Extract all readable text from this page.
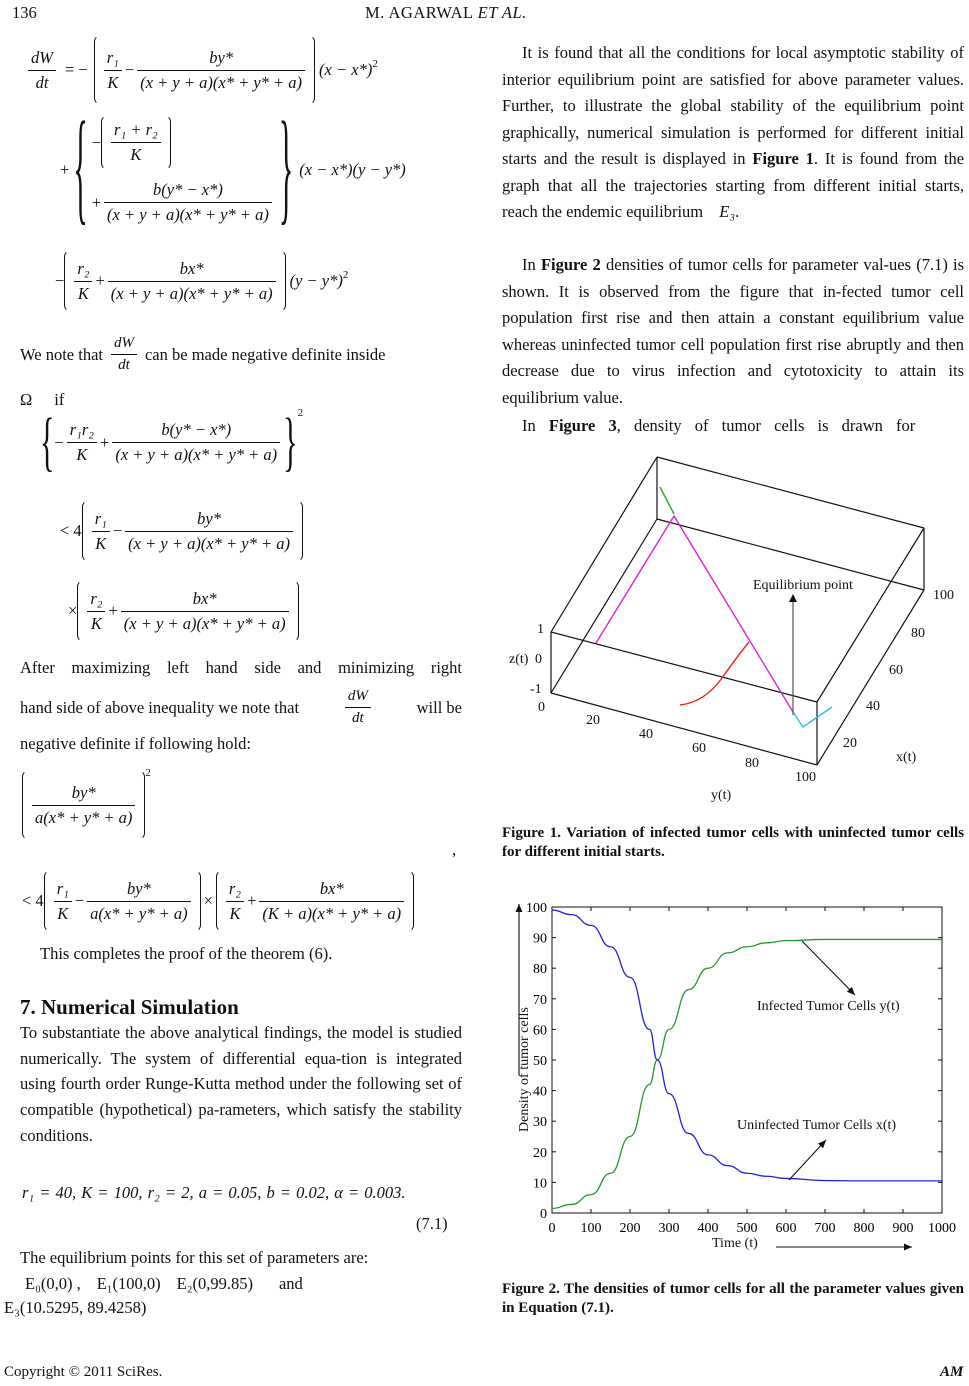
136	M. AGARWAL ET AL.
$\frac{dW}{dt}$ = − $\frac{\text{r₁}}{K} - \frac{by*}{(x + y + a)(x* + y* + a)} (x - x*)$ 2
+ { − $\frac{\text{r₁ + r₂}}{K}$
+ $\frac{b(y* - x*)}{(x + y + a)(x* + y* + a)}$ } (x − x*)(y − y*)
− $\frac{\text{r₂}}{K} + \frac{bx*}{(x + y + a)(x* + y* + a)} (y - y*)$ 2
We note that $\frac{dW}{dt}$ can be made negative definite inside
Ω if
{ − $\frac{\text{r₁r₂}}{K} + \frac{b(y* - x*)}{(x + y + a)(x* + y* + a)}$ } 2
< $4 \frac{\text{r₁}}{K} - \frac{by*}{(x + y + a)(x* + y* + a)}$
× $\frac{\text{r₂}}{K} + \frac{bx*}{(x + y + a)(x* + y* + a)}$
After maximizing left hand side and minimizing right
hand side of above inequality we note that	$\frac{dW}{dt}$	will be
negative definite if following hold:
$\frac{by*}{a(x* + y* + a)}$
2
< $4 \frac{\text{r₁}}{K} - \frac{by*}{a(x* + y* + a)} \times \frac{\text{r₂}}{K} + \frac{bx*}{(K + a)(x* + y* + a)}$
,
This completes the proof of the theorem (6).
7. Numerical Simulation
To substantiate the above analytical findings, the model is studied numerically. The system of differential equa-tion is integrated using fourth order Runge-Kutta method under the following set of compatible (hypothetical) pa-rameters, which satisfy the stability conditions.
r₁ = 40, K = 100, r₂ = 2, a = 0.05, b = 0.02, α = 0.003.
(7.1)
The equilibrium points for this set of parameters are:
E₀(0,0) , E₁(100,0) E₂(0,99.85) and
E₃(10.5295, 89.4258)
It is found that all the conditions for local asymptotic stability of interior equilibrium point are satisfied for above parameter values. Further, to illustrate the global stability of the equilibrium point graphically, numerical simulation is performed for different initial starts and the result is displayed in Figure 1. It is found from the graph that all the trajectories starting from different initial starts, reach the endemic equilibrium E₃.
In Figure 2 densities of tumor cells for parameter val-ues (7.1) is shown. It is observed from the figure that in-fected tumor cell population first rise and then attain a constant equilibrium value whereas uninfected tumor cell population first rise abruptly and then decrease due to virus infection and cytotoxicity to attain its equilibrium value.
In Figure 3, density of tumor cells is drawn for
Equilibrium point
z(t)
x(t)
y(t)
1
0
-1
0
20
40
60
80
100
20
40
60
80
100
Figure 1. Variation of infected tumor cells with uninfected tumor cells for different initial starts.
0 100 200 300 400 500 600 700 800 900 1000
0
10
20
30
40
50
60
70
80
90
100
Infected Tumor Cells y(t)
Uninfected Tumor Cells x(t)
Time (t)
Density of tumor cells
Figure 2. The densities of tumor cells for all the parameter values given in Equation (7.1).
Copyright © 2011 SciRes.	AM
